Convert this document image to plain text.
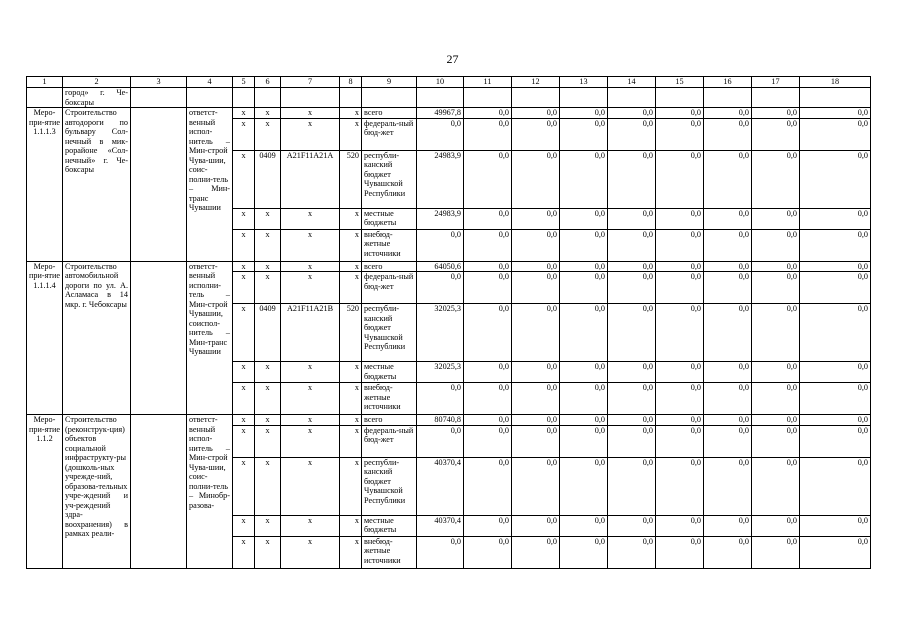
27
1	2	3	4	5	6	7	8	9	10	11	12	13	14	15	16	17	18
	город» г. Че-боксары																
Меро-при-ятие 1.1.1.3	Строительство автодороги по бульвару Сол-нечный в мик-рорайоне «Сол-нечный» г. Че-боксары		ответст-венный испол-нитель – Мин-строй Чува-шии, соис-полни-тель – Мин-транс Чувашии	x	x	x	x	всего	49967,8	0,0	0,0	0,0	0,0	0,0	0,0	0,0	0,0
				x	x	x	x	федераль-ный бюд-жет	0,0	0,0	0,0	0,0	0,0	0,0	0,0	0,0	0,0
				x	0409	A21F11A21A	520	республи-канский бюджет Чувашской Республики	24983,9	0,0	0,0	0,0	0,0	0,0	0,0	0,0	0,0
				x	x	x	x	местные бюджеты	24983,9	0,0	0,0	0,0	0,0	0,0	0,0	0,0	0,0
				x	x	x	x	внебюд-жетные источники	0,0	0,0	0,0	0,0	0,0	0,0	0,0	0,0	0,0
Меро-при-ятие 1.1.1.4	Строительство автомобильной дороги по ул. А. Асламаса в 14 мкр. г. Чебоксары		ответст-венный исполни-тель – Мин-строй Чувашии, соиспол-нитель – Мин-транс Чувашии	x	x	x	x	всего	64050,6	0,0	0,0	0,0	0,0	0,0	0,0	0,0	0,0
				x	x	x	x	федераль-ный бюд-жет	0,0	0,0	0,0	0,0	0,0	0,0	0,0	0,0	0,0
				x	0409	A21F11A21B	520	республи-канский бюджет Чувашской Республики	32025,3	0,0	0,0	0,0	0,0	0,0	0,0	0,0	0,0
				x	x	x	x	местные бюджеты	32025,3	0,0	0,0	0,0	0,0	0,0	0,0	0,0	0,0
				x	x	x	x	внебюд-жетные источники	0,0	0,0	0,0	0,0	0,0	0,0	0,0	0,0	0,0
Меро-при-ятие 1.1.2	Строительство (реконструк-ция) объектов социальной инфраструкту-ры (дошколь-ных учрежде-ний, образова-тельных учре-ждений и уч-реждений здра-воохранения) в рамках реали-		ответст-венный испол-нитель – Мин-строй Чува-шии, соис-полни-тель – Минобр-разова-	x	x	x	x	всего	80740,8	0,0	0,0	0,0	0,0	0,0	0,0	0,0	0,0
				x	x	x	x	федераль-ный бюд-жет	0,0	0,0	0,0	0,0	0,0	0,0	0,0	0,0	0,0
				x	x	x	x	республи-канский бюджет Чувашской Республики	40370,4	0,0	0,0	0,0	0,0	0,0	0,0	0,0	0,0
				x	x	x	x	местные бюджеты	40370,4	0,0	0,0	0,0	0,0	0,0	0,0	0,0	0,0
				x	x	x	x	внебюд-жетные источники	0,0	0,0	0,0	0,0	0,0	0,0	0,0	0,0	0,0
